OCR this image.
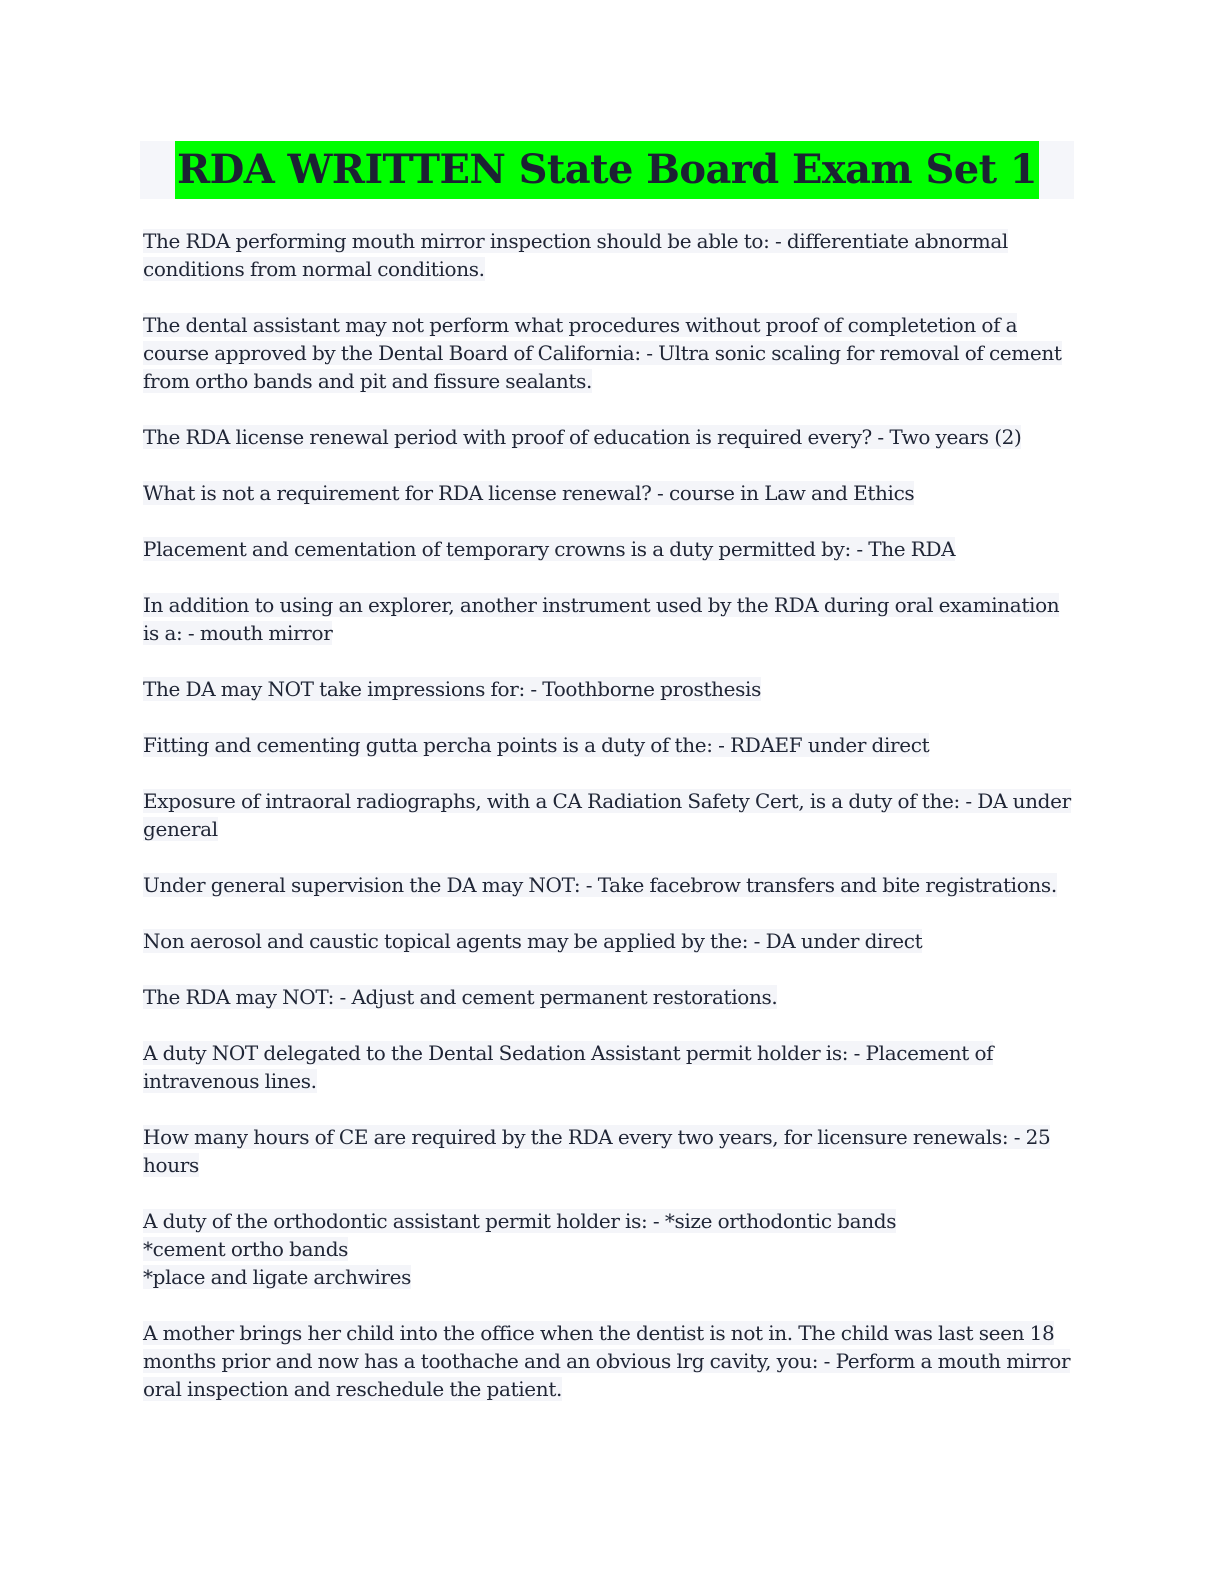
RDA WRITTEN State Board Exam Set 1

The RDA performing mouth mirror inspection should be able to: - differentiate abnormal conditions from normal conditions.

The dental assistant may not perform what procedures without proof of completetion of a course approved by the Dental Board of California: - Ultra sonic scaling for removal of cement from ortho bands and pit and fissure sealants.

The RDA license renewal period with proof of education is required every? - Two years (2)

What is not a requirement for RDA license renewal? - course in Law and Ethics

Placement and cementation of temporary crowns is a duty permitted by: - The RDA

In addition to using an explorer, another instrument used by the RDA during oral examination is a: - mouth mirror

The DA may NOT take impressions for: - Toothborne prosthesis

Fitting and cementing gutta percha points is a duty of the: - RDAEF under direct

Exposure of intraoral radiographs, with a CA Radiation Safety Cert, is a duty of the: - DA under general

Under general supervision the DA may NOT: - Take facebrow transfers and bite registrations.

Non aerosol and caustic topical agents may be applied by the: - DA under direct

The RDA may NOT: - Adjust and cement permanent restorations.

A duty NOT delegated to the Dental Sedation Assistant permit holder is: - Placement of intravenous lines.

How many hours of CE are required by the RDA every two years, for licensure renewals: - 25 hours

A duty of the orthodontic assistant permit holder is: - *size orthodontic bands
*cement ortho bands
*place and ligate archwires

A mother brings her child into the office when the dentist is not in. The child was last seen 18 months prior and now has a toothache and an obvious lrg cavity, you: - Perform a mouth mirror oral inspection and reschedule the patient.
